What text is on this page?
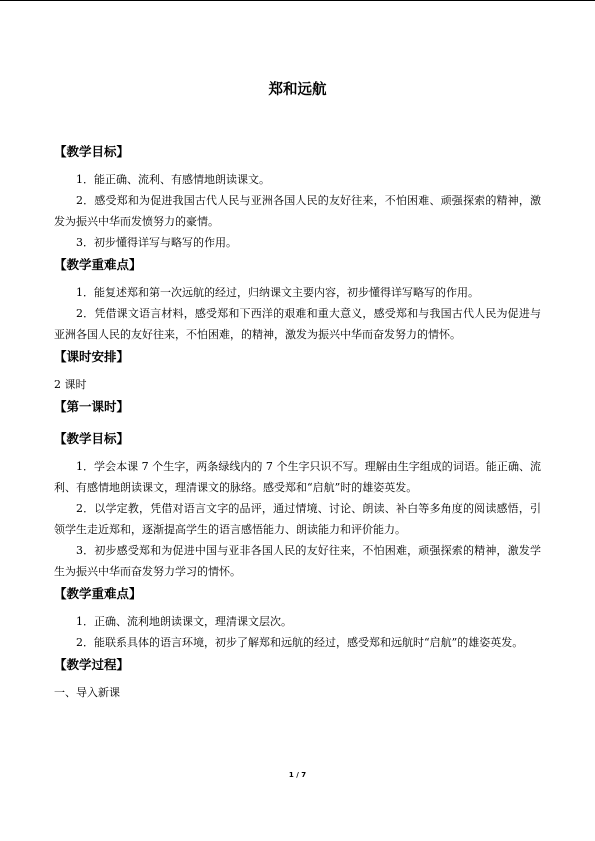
郑和远航

【教学目标】

1．能正确、流利、有感情地朗读课文。

2．感受郑和为促进我国古代人民与亚洲各国人民的友好往来，不怕困难、顽强探索的精神，激发为振兴中华而发愤努力的豪情。

3．初步懂得详写与略写的作用。

【教学重难点】

1．能复述郑和第一次远航的经过，归纳课文主要内容，初步懂得详写略写的作用。

2．凭借课文语言材料，感受郑和下西洋的艰难和重大意义，感受郑和与我国古代人民为促进与亚洲各国人民的友好往来，不怕困难，的精神，激发为振兴中华而奋发努力的情怀。

【课时安排】

2 课时

【第一课时】

【教学目标】

1．学会本课 7 个生字，两条绿线内的 7 个生字只识不写。理解由生字组成的词语。能正确、流利、有感情地朗读课文，理清课文的脉络。感受郑和“启航”时的雄姿英发。

2．以学定教，凭借对语言文字的品评，通过情境、讨论、朗读、补白等多角度的阅读感悟，引领学生走近郑和，逐渐提高学生的语言感悟能力、朗读能力和评价能力。

3．初步感受郑和为促进中国与亚非各国人民的友好往来，不怕困难，顽强探索的精神，激发学生为振兴中华而奋发努力学习的情怀。

【教学重难点】

1．正确、流利地朗读课文，理清课文层次。

2．能联系具体的语言环境，初步了解郑和远航的经过，感受郑和远航时“启航”的雄姿英发。

【教学过程】

一、导入新课

1 / 7
